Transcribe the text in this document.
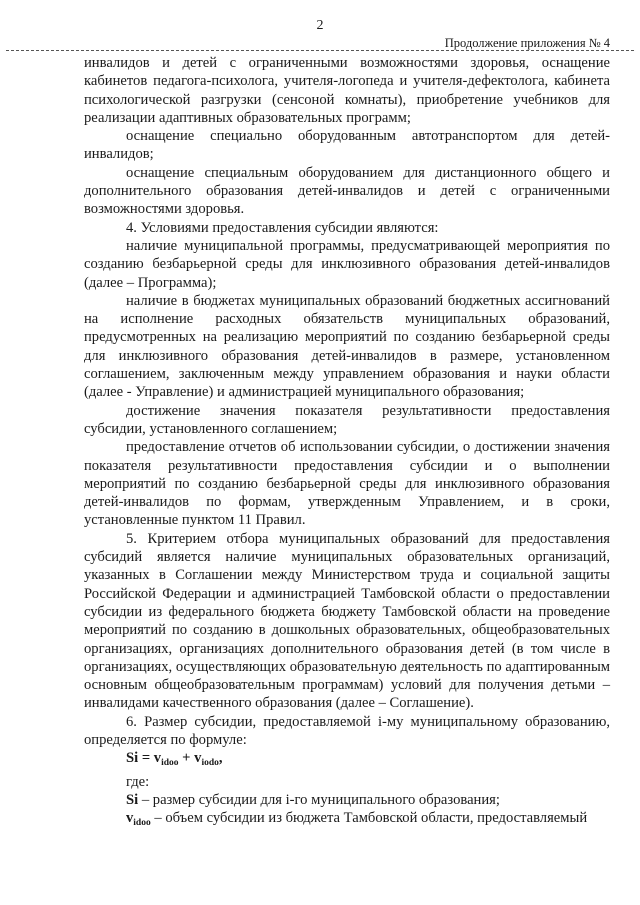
2
Продолжение приложения № 4

инвалидов и детей с ограниченными возможностями здоровья, оснащение кабинетов педагога-психолога, учителя-логопеда и учителя-дефектолога, кабинета психологической разгрузки (сенсоной комнаты), приобретение учебников для реализации адаптивных образовательных программ;

оснащение специально оборудованным автотранспортом для детей-инвалидов;

оснащение специальным оборудованием для дистанционного общего и дополнительного образования детей-инвалидов и детей с ограниченными возможностями здоровья.

4. Условиями предоставления субсидии являются:

наличие муниципальной программы, предусматривающей мероприятия по созданию безбарьерной среды для инклюзивного образования детей-инвалидов (далее – Программа);

наличие в бюджетах муниципальных образований бюджетных ассигнований на исполнение расходных обязательств муниципальных образований, предусмотренных на реализацию мероприятий по созданию безбарьерной среды для инклюзивного образования детей-инвалидов в размере, установленном соглашением, заключенным между управлением образования и науки области (далее - Управление) и администрацией муниципального образования;

достижение значения показателя результативности предоставления субсидии, установленного соглашением;

предоставление отчетов об использовании субсидии, о достижении значения показателя результативности предоставления субсидии и о выполнении мероприятий по созданию безбарьерной среды для инклюзивного образования детей-инвалидов по формам, утвержденным Управлением, и в сроки, установленные пунктом 11 Правил.

5. Критерием отбора муниципальных образований для предоставления субсидий является наличие муниципальных образовательных организаций, указанных в Соглашении между Министерством труда и социальной защиты Российской Федерации и администрацией Тамбовской области о предоставлении субсидии из федерального бюджета бюджету Тамбовской области на проведение мероприятий по созданию в дошкольных образовательных, общеобразовательных организациях, организациях дополнительного образования детей (в том числе в организациях, осуществляющих образовательную деятельность по адаптированным основным общеобразовательным программам) условий для получения детьми – инвалидами качественного образования (далее – Соглашение).

6. Размер субсидии, предоставляемой i-му муниципальному образованию, определяется по формуле:

$Si = v_{idoo} + v_{iodo}$,

где:

Si – размер субсидии для i-го муниципального образования;

$v_{idoo}$ – объем субсидии из бюджета Тамбовской области, предоставляемый
